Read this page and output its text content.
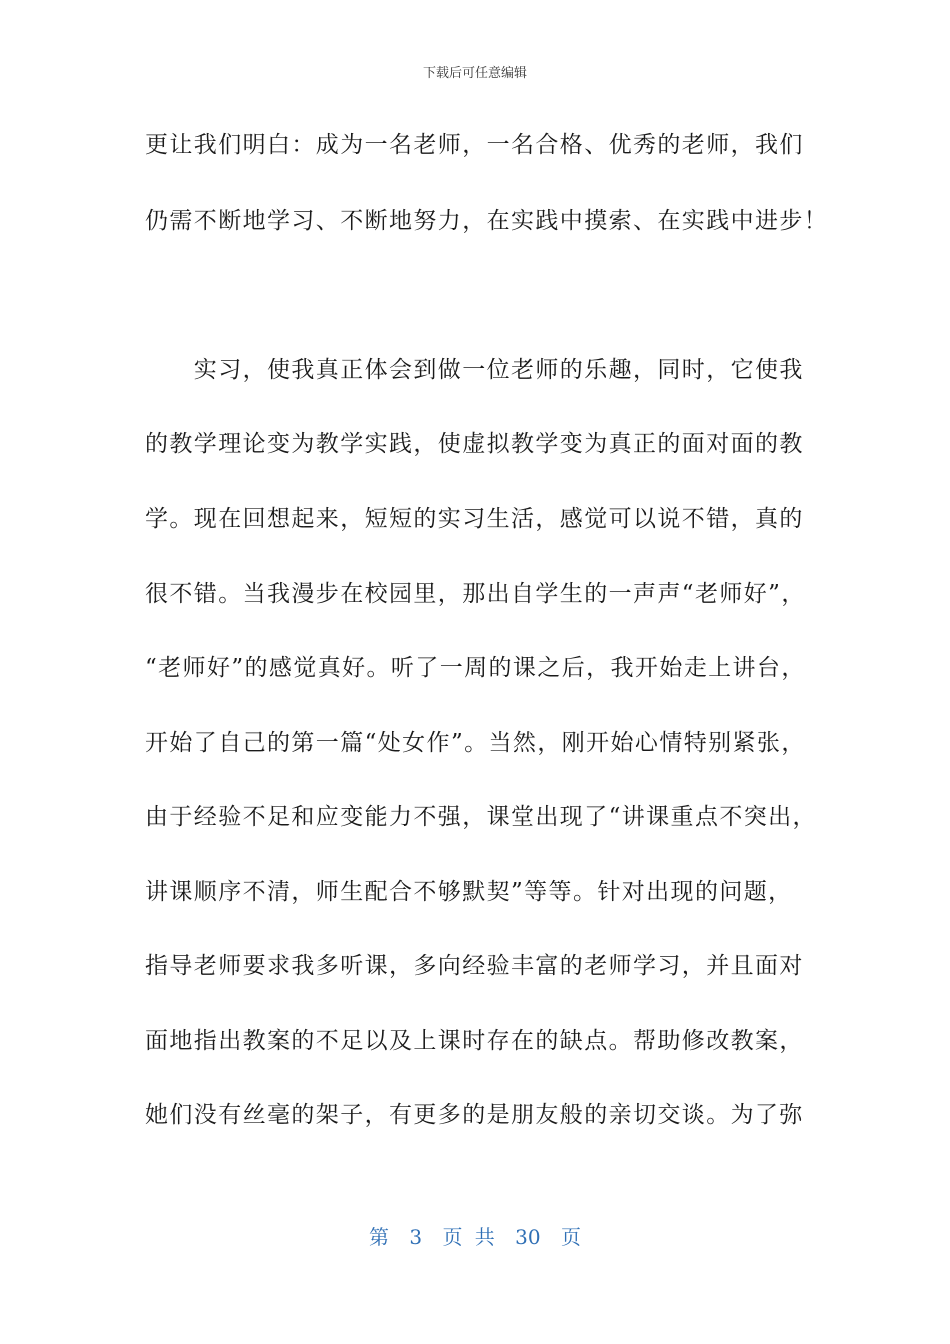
下载后可任意编辑
更让我们明白：成为一名老师，一名合格、优秀的老师，我们
仍需不断地学习、不断地努力，在实践中摸索、在实践中进步！
　　实习，使我真正体会到做一位老师的乐趣，同时，它使我
的教学理论变为教学实践，使虚拟教学变为真正的面对面的教
学。现在回想起来，短短的实习生活，感觉可以说不错，真的
很不错。当我漫步在校园里，那出自学生的一声声“老师好”，
“老师好”的感觉真好。听了一周的课之后，我开始走上讲台，
开始了自己的第一篇“处女作”。当然，刚开始心情特别紧张，
由于经验不足和应变能力不强，课堂出现了“讲课重点不突出，
讲课顺序不清，师生配合不够默契”等等。针对出现的问题，
指导老师要求我多听课，多向经验丰富的老师学习，并且面对
面地指出教案的不足以及上课时存在的缺点。帮助修改教案，
她们没有丝毫的架子，有更多的是朋友般的亲切交谈。为了弥
第 3 页 共 30 页
